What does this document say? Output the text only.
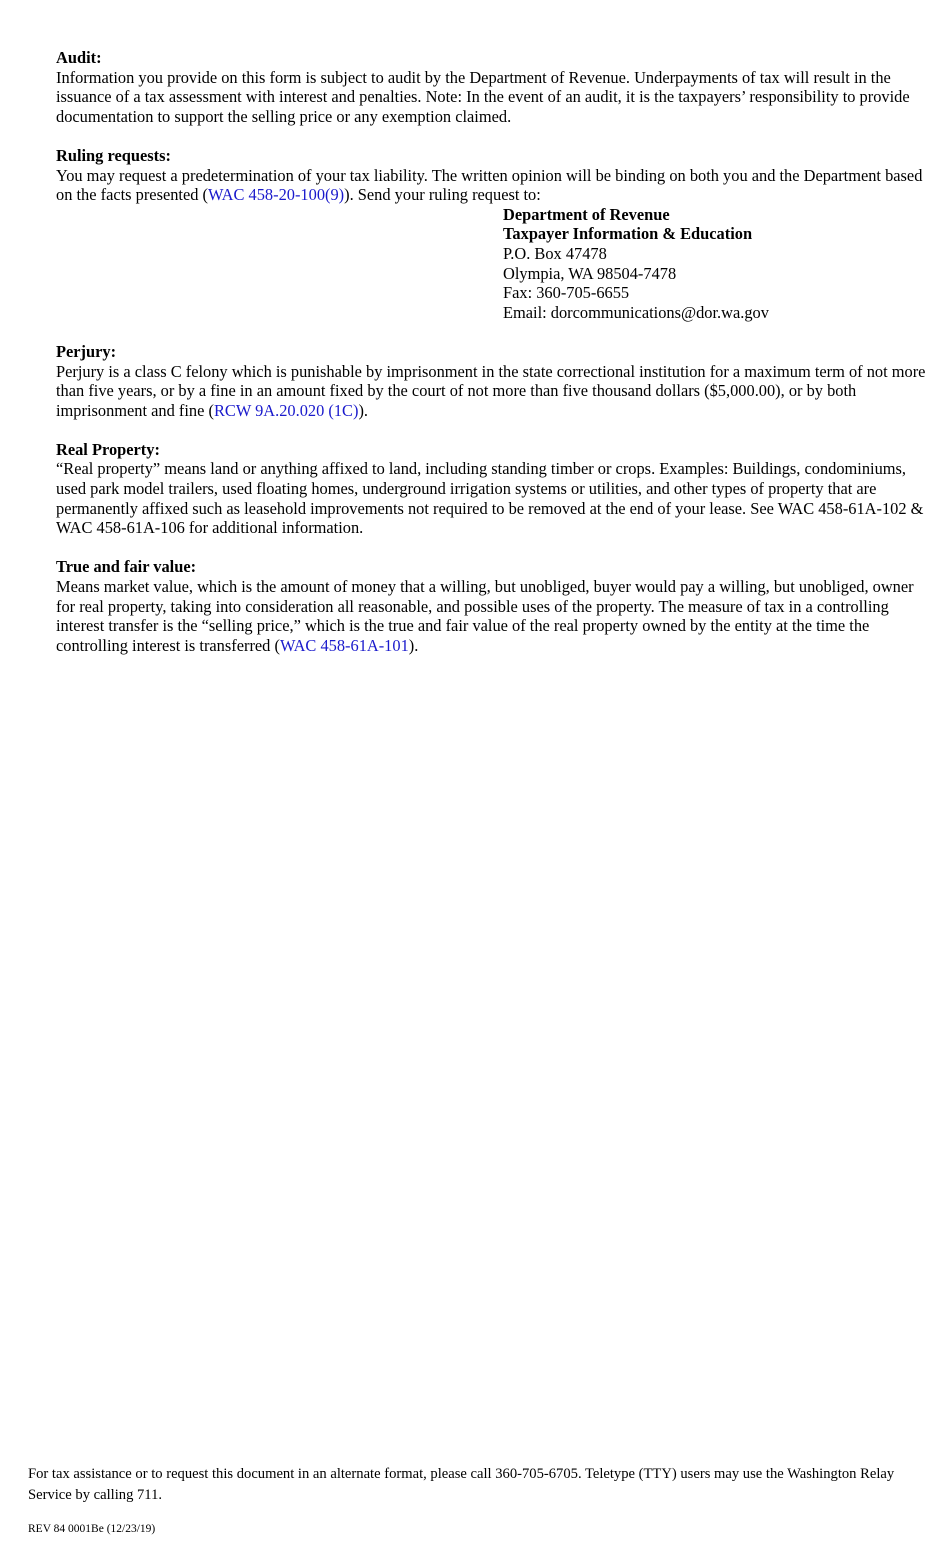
Audit:
Information you provide on this form is subject to audit by the Department of Revenue. Underpayments of tax will result in the issuance of a tax assessment with interest and penalties. Note: In the event of an audit, it is the taxpayers’ responsibility to provide documentation to support the selling price or any exemption claimed.
Ruling requests:
You may request a predetermination of your tax liability. The written opinion will be binding on both you and the Department based on the facts presented (WAC 458-20-100(9)). Send your ruling request to:
Department of Revenue
Taxpayer Information & Education
P.O. Box 47478
Olympia, WA 98504-7478
Fax: 360-705-6655
Email: dorcommunications@dor.wa.gov
Perjury:
Perjury is a class C felony which is punishable by imprisonment in the state correctional institution for a maximum term of not more than five years, or by a fine in an amount fixed by the court of not more than five thousand dollars ($5,000.00), or by both imprisonment and fine (RCW 9A.20.020 (1C)).
Real Property:
“Real property” means land or anything affixed to land, including standing timber or crops. Examples: Buildings, condominiums, used park model trailers, used floating homes, underground irrigation systems or utilities, and other types of property that are permanently affixed such as leasehold improvements not required to be removed at the end of your lease. See WAC 458-61A-102 & WAC 458-61A-106 for additional information.
True and fair value:
Means market value, which is the amount of money that a willing, but unobliged, buyer would pay a willing, but unobliged, owner for real property, taking into consideration all reasonable, and possible uses of the property. The measure of tax in a controlling interest transfer is the “selling price,” which is the true and fair value of the real property owned by the entity at the time the controlling interest is transferred (WAC 458-61A-101).
For tax assistance or to request this document in an alternate format, please call 360-705-6705. Teletype (TTY) users may use the Washington Relay Service by calling 711.
REV 84 0001Be (12/23/19)
